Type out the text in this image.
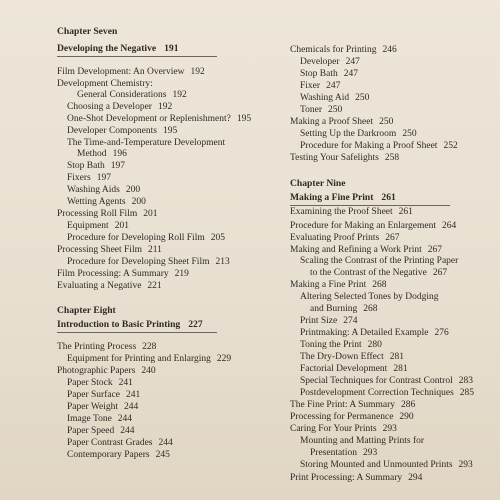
Chapter Seven
Developing the Negative 191
Film Development: An Overview 192
Development Chemistry:
General Considerations 192
Choosing a Developer 192
One-Shot Development or Replenishment? 195
Developer Components 195
The Time-and-Temperature Development
Method 196
Stop Bath 197
Fixers 197
Washing Aids 200
Wetting Agents 200
Processing Roll Film 201
Equipment 201
Procedure for Developing Roll Film 205
Processing Sheet Film 211
Procedure for Developing Sheet Film 213
Film Processing: A Summary 219
Evaluating a Negative 221
Chapter Eight
Introduction to Basic Printing 227
The Printing Process 228
Equipment for Printing and Enlarging 229
Photographic Papers 240
Paper Stock 241
Paper Surface 241
Paper Weight 244
Image Tone 244
Paper Speed 244
Paper Contrast Grades 244
Contemporary Papers 245
Chemicals for Printing 246
Developer 247
Stop Bath 247
Fixer 247
Washing Aid 250
Toner 250
Making a Proof Sheet 250
Setting Up the Darkroom 250
Procedure for Making a Proof Sheet 252
Testing Your Safelights 258
Chapter Nine
Making a Fine Print 261
Examining the Proof Sheet 261
Procedure for Making an Enlargement 264
Evaluating Proof Prints 267
Making and Refining a Work Print 267
Scaling the Contrast of the Printing Paper
to the Contrast of the Negative 267
Making a Fine Print 268
Altering Selected Tones by Dodging
and Burning 268
Print Size 274
Printmaking: A Detailed Example 276
Toning the Print 280
The Dry-Down Effect 281
Factorial Development 281
Special Techniques for Contrast Control 283
Postdevelopment Correction Techniques 285
The Fine Print: A Summary 286
Processing for Permanence 290
Caring For Your Prints 293
Mounting and Matting Prints for
Presentation 293
Storing Mounted and Unmounted Prints 293
Print Processing: A Summary 294
